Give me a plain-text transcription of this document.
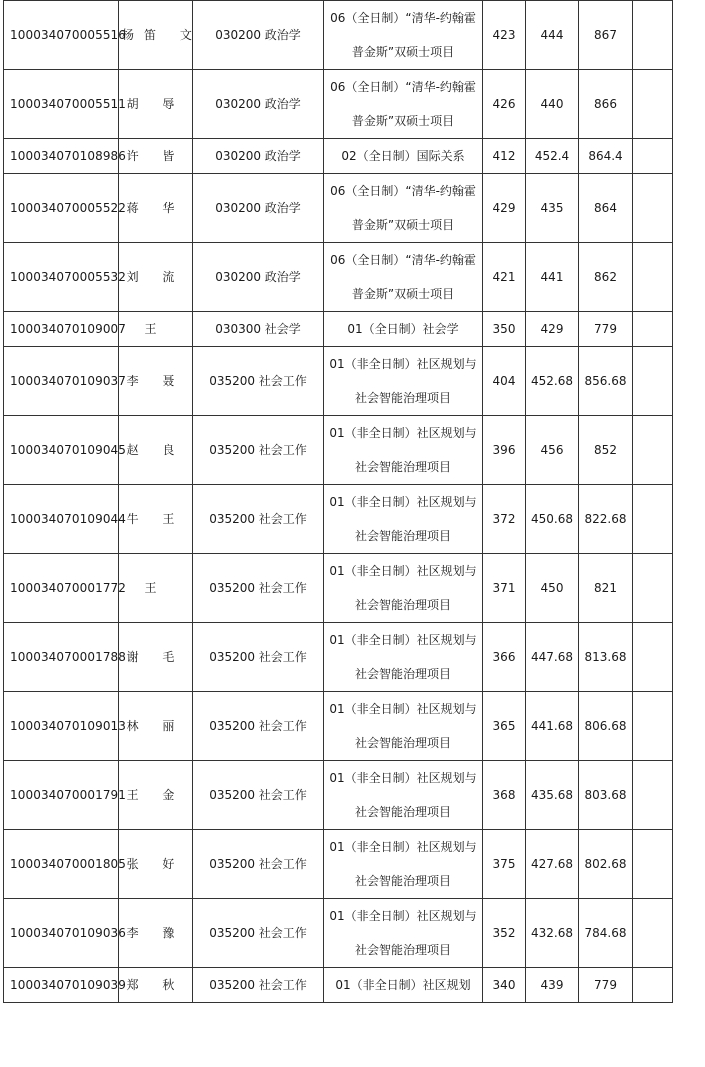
100034070005516	杨笛 文	030200 政治学	06（全日制）“清华-约翰霍普金斯”双硕士项目	423	444	867	
100034070005511	胡 辱	030200 政治学	06（全日制）“清华-约翰霍普金斯”双硕士项目	426	440	866	
100034070108986	许 皆	030200 政治学	02（全日制）国际关系	412	452.4	864.4	
100034070005522	蒋 华	030200 政治学	06（全日制）“清华-约翰霍普金斯”双硕士项目	429	435	864	
100034070005532	刘 流	030200 政治学	06（全日制）“清华-约翰霍普金斯”双硕士项目	421	441	862	
100034070109007	王	030300 社会学	01（全日制）社会学	350	429	779	
100034070109037	李 聂	035200 社会工作	01（非全日制）社区规划与社会智能治理项目	404	452.68	856.68	
100034070109045	赵 良	035200 社会工作	01（非全日制）社区规划与社会智能治理项目	396	456	852	
100034070109044	牛 王	035200 社会工作	01（非全日制）社区规划与社会智能治理项目	372	450.68	822.68	
100034070001772	王	035200 社会工作	01（非全日制）社区规划与社会智能治理项目	371	450	821	
100034070001788	谢 毛	035200 社会工作	01（非全日制）社区规划与社会智能治理项目	366	447.68	813.68	
100034070109013	林 丽	035200 社会工作	01（非全日制）社区规划与社会智能治理项目	365	441.68	806.68	
100034070001791	王 金	035200 社会工作	01（非全日制）社区规划与社会智能治理项目	368	435.68	803.68	
100034070001805	张 好	035200 社会工作	01（非全日制）社区规划与社会智能治理项目	375	427.68	802.68	
100034070109036	李 豫	035200 社会工作	01（非全日制）社区规划与社会智能治理项目	352	432.68	784.68	
100034070109039	郑 秋	035200 社会工作	01（非全日制）社区规划	340	439	779	
